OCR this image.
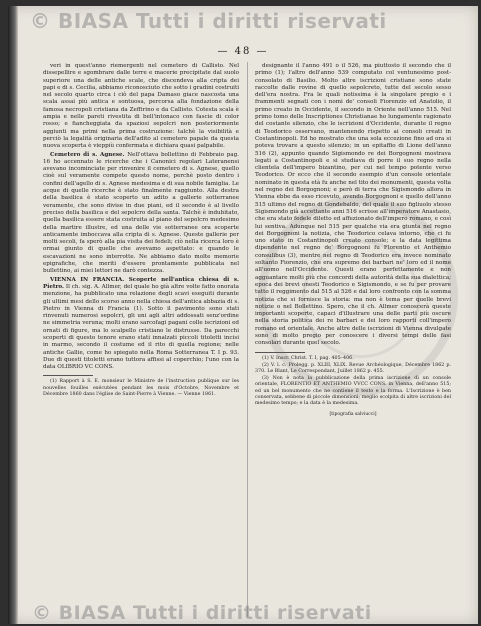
© BIASA Tutti i diritti riservati
— 48 —

veri in quest'anno riemergenti nel cemetero di Callisto. Nel dissepellire e sgombrare dalle terre e macerie precipitate dal suolo superiore una delle antiche scale, che discendeva alla cripta dei papi e di s. Cecilia, abbiamo riconosciuto che sotto i gradini costruiti nel secolo quarto circa i ciò del papa Damaso giace nascosta una scala assai più antica e sontuosa, percorsa alla fondazione della famosa necropoli cristiana da Zeffirino e da Callisto. Cotesta scala è ampia e nelle pareti rivestita di bell'intonaco con fascie di color rosso; e fiancheggiata da spaziosi sepolcri non posteriormente aggiunti ma primi nella prima costruzione: talchè la visibilità e perciò la legalità originaria dell'adito al cemetero papale da questa nuova scoperta è vieppiù confermata e dichiara quasi palpabile.

Cemetero di s. Agnese. Nell'ottava bollettino di Febbraio pag. 16 ho accennato le ricerche che i Canonici regolari Lateranensi avevano incominciate per rinvenire il cemetero di s. Agnese, quello cioè sul veramente compete questo nome, perchè posto dentro i confini dell'agello di s. Agnese medesima e di sua nobile famiglia. Le acque di quelle ricerche è stato finalmente raggiunto. Alla destra della basilica è stato scoperto un adito a gallerie sotterranee veramente, che sono divise in due piani, ed il secondo è al livello preciso della basilica e del sepolcro della santa. Talchè è indubitato, quella basilica essere stata costruita al piano del sepolcro medesimo della martire illustre, ed una delle vie sotterranee ora scoperte anticamente imboccava alla cripta di s. Agnese. Queste gallerie per molti secoli, fa sperò alla pia visita dei fedeli; ciò nella ricerca loro è ormai giunto di quelle che avevamo aspettato: e quando le escavazioni ne sono interrotte. Ne abbiamo dato molte memorie epigrafiche, che meriti d'essere prontamente pubblicata nel bullettino, ai miei lettori ne darò contezza.

VIENNA IN FRANCIA. Scoperte nell'antica chiesa di s. Pietro. Il ch. sig. A. Allmer, del quale ho già altre volte fatto onorata menzione, ha pubblicato una relazione degli scavi eseguiti durante gli ultimi mesi dello scorso anno nella chiesa dell'antica abbazia di s. Pietro in Vienna di Francia (1). Sotto il pavimento sono stati rinvenuti numerosi sepolcri, gli uni agli altri addossati senz'ordine ne simmetria veruna; molti erano sarcofagi pagani colle iscrizioni ed ornati di figure, ma lo scalpello cristiano le distrusse. Da parecchi scoperti di questo tenore erano stati innalzati piccoli titoletti incisi in marmo, secondo il costume ed il rito di quella regione; nelle antiche Gallie, come ho spiegato nella Roma Sotterranea T. I p. 93. Due di questi titoletti erano tuttora affissi al coperchio; l'uno con la data OLIBRIO VC CONS.

(1) Rapport à S. E. monsieur le Ministre de l'instruction publique sur les nouvelles fouilles exécutées pendant les mois d'Octobre, Novembre et Décembre 1860 dans l'église de Saint-Pierre à Vienne. — Vienne 1861.

designante il l'anno 491 o il 526, ma piuttosto il secondo che il primo (1); l'altro dell'anno 539 computato col ventunesimo post-consolato di Basilio. Molto altre iscrizioni cristiane sono state raccolte dalle rovine di quello sepolcreto, tutte del secolo sesso dell'era nostra. Fra le quali notissima è la singolare pregio e i frammenti segnati con i nomi de' consoli Fiorenzio ed Anatolio, il primo creato in Occidente, il secondo in Oriente nell'anno 515. Nel primo tomo delle Inscriptiones Christianae ho lungamente ragionato del costante silenzio, che le iscrizioni d'Occidente, durante il regno di Teodorico osservano, mantenendo rispetto ai consoli creati in Costantinopoli. Ed ho mostrato che una sola eccezione fino ad ora si poteva trovare a questo silenzio; in un epitaffio di Lione dell'anno 516 (2), appunto quando Sigismondo re dei Borgognoni mostrava legati a Costantinopoli e si studiava di porre il suo regno nella clientela dell'impero bizantino, per cui nel tempo potente verso Teodorico. Or ecco che il secondo esempio d'un console orientale nominato in questa età fu anche nel tito dei monumenti, questa volta nel regno dei Borgognoni; e però di terra che Sigismondo allora in Vienna ebbe da esso ricevuto, avendo Borgognoni e quello dell'anno 515 ultimo del regno di Gondebaldo, del quale il suo figliuolo stesso Sigismondo già accettante anni 516 scrisse all'imperatore Anastasio, che era stato fedele diletto ed affezionato dell'impero romano, e così lui sentiva. Adunque nel 515 per qualche via era giunta nel regno dei Borgognoni la notizia, che Teodorico celava intorno, che ci fu uno stato in Costantinopoli creato console; e la data legittima dipendente nel regno de' Borgognoni fu Florentio et Anthemio consulibus (3), mentre nel regno di Teodorico era invece nominato soltanto Fiorenzio, che era supremo dei barbari ne’ loro ed il nome all'uomo nell'Occidente. Questi erano perfettamente e non agguantare molti più che concordi della autorità della sua dialettica; epoca dei brevi onesti Teodorico e Sigismondo, e se fu per provare tutto il reggimento dal 515 al 526 e dal loro confronto con la somma notizia che si fornisce la storia: ma non è tema per quelle brevi notizie o nel Bollettino. Spero, che il ch. Allmer conoscerà queste importanti scoperte, capaci d'illustrare una delle parti più oscure nella storia politica dei re barbari e dei loro rapporti coll'impero romano ed orientale. Anche altre delle iscrizioni di Vienna divulgate sono di molto pregio per conoscere i diversi tempi delle fasi consolari durante quel secolo.

(1) V. Inscr. Christ. T. I, pag. 405–406.

(2) V. l. c. Prolegg. p. XLIII, XLIX. Revue Archéologique, Décembre 1862 p. 370. Le Blant, Le Correspondant, Juillet 1862 p. 455.

(3) Non è nota la pubblicazione della prima iscrizione di un console orientale, FLORENTIO ET ANTHEMIO VVCC CONS. in Vienna, dell'anno 515; ed un bel monumento che ne contiene il testo e la forma. L'Iscrizione è ben conservata, sebbene di piccole dimensioni; meglio scolpita di altre iscrizioni del medesimo tempo; e la data è la medesima.

[tipografia salviucci]
© BIASA Tutti i diritti riservati
